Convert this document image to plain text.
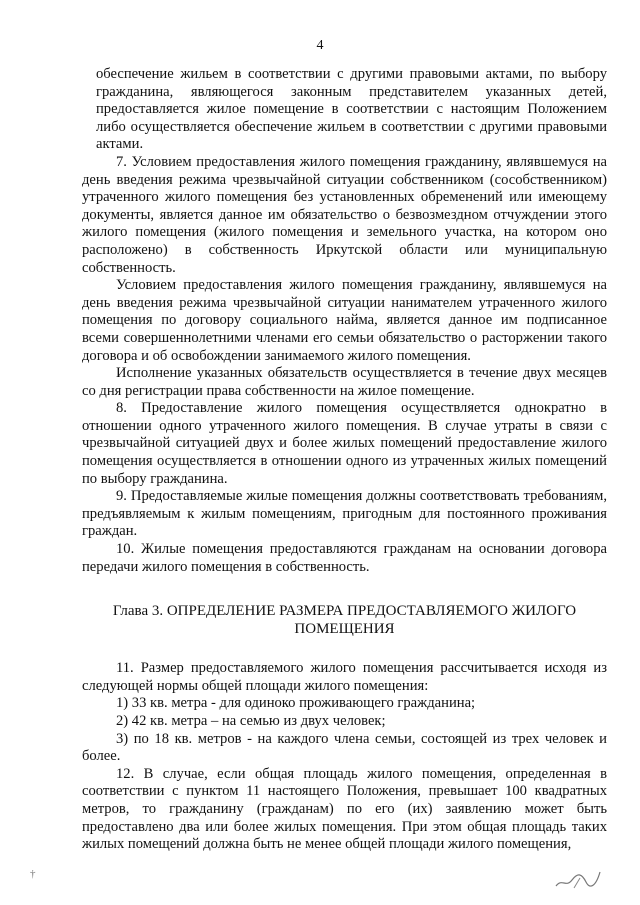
4

обеспечение жильем в соответствии с другими правовыми актами, по выбору гражданина, являющегося законным представителем указанных детей, предоставляется жилое помещение в соответствии с настоящим Положением либо осуществляется обеспечение жильем в соответствии с другими правовыми актами.

7. Условием предоставления жилого помещения гражданину, являвшемуся на день введения режима чрезвычайной ситуации собственником (сособственником) утраченного жилого помещения без установленных обременений или имеющему документы, является данное им обязательство о безвозмездном отчуждении этого жилого помещения (жилого помещения и земельного участка, на котором оно расположено) в собственность Иркутской области или муниципальную собственность.

Условием предоставления жилого помещения гражданину, являвшемуся на день введения режима чрезвычайной ситуации нанимателем утраченного жилого помещения по договору социального найма, является данное им подписанное всеми совершеннолетними членами его семьи обязательство о расторжении такого договора и об освобождении занимаемого жилого помещения.

Исполнение указанных обязательств осуществляется в течение двух месяцев со дня регистрации права собственности на жилое помещение.

8. Предоставление жилого помещения осуществляется однократно в отношении одного утраченного жилого помещения. В случае утраты в связи с чрезвычайной ситуацией двух и более жилых помещений предоставление жилого помещения осуществляется в отношении одного из утраченных жилых помещений по выбору гражданина.

9. Предоставляемые жилые помещения должны соответствовать требованиям, предъявляемым к жилым помещениям, пригодным для постоянного проживания граждан.

10. Жилые помещения предоставляются гражданам на основании договора передачи жилого помещения в собственность.

Глава 3. ОПРЕДЕЛЕНИЕ РАЗМЕРА ПРЕДОСТАВЛЯЕМОГО ЖИЛОГО ПОМЕЩЕНИЯ

11. Размер предоставляемого жилого помещения рассчитывается исходя из следующей нормы общей площади жилого помещения:

1) 33 кв. метра - для одиноко проживающего гражданина;

2) 42 кв. метра – на семью из двух человек;

3) по 18 кв. метров - на каждого члена семьи, состоящей из трех человек и более.

12. В случае, если общая площадь жилого помещения, определенная в соответствии с пунктом 11 настоящего Положения, превышает 100 квадратных метров, то гражданину (гражданам) по его (их) заявлению может быть предоставлено два или более жилых помещения. При этом общая площадь таких жилых помещений должна быть не менее общей площади жилого помещения,

†
